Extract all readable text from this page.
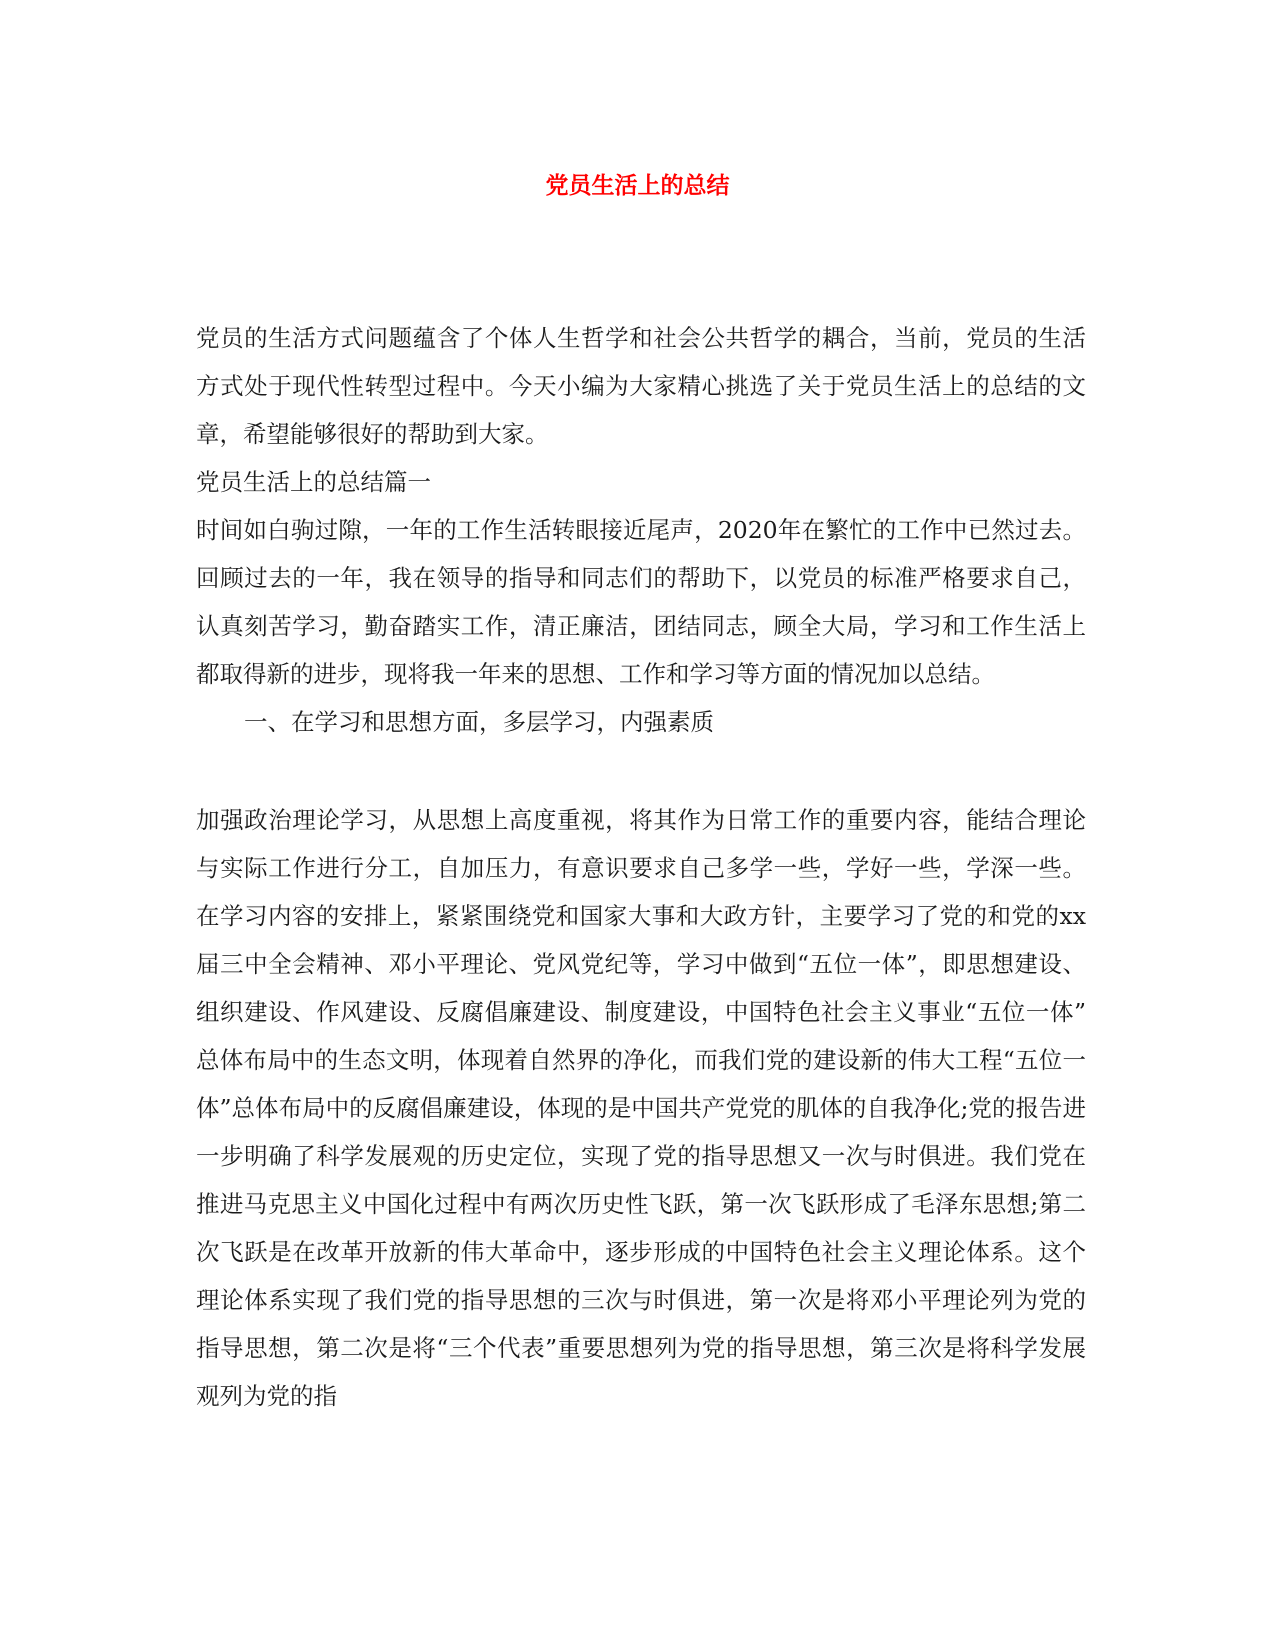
党员生活上的总结

党员的生活方式问题蕴含了个体人生哲学和社会公共哲学的耦合，当前，党员的生活方式处于现代性转型过程中。今天小编为大家精心挑选了关于党员生活上的总结的文章，希望能够很好的帮助到大家。

党员生活上的总结篇一

时间如白驹过隙，一年的工作生活转眼接近尾声，2020年在繁忙的工作中已然过去。回顾过去的一年，我在领导的指导和同志们的帮助下，以党员的标准严格要求自己，认真刻苦学习，勤奋踏实工作，清正廉洁，团结同志，顾全大局，学习和工作生活上都取得新的进步，现将我一年来的思想、工作和学习等方面的情况加以总结。

一、在学习和思想方面，多层学习，内强素质

加强政治理论学习，从思想上高度重视，将其作为日常工作的重要内容，能结合理论与实际工作进行分工，自加压力，有意识要求自己多学一些，学好一些，学深一些。在学习内容的安排上，紧紧围绕党和国家大事和大政方针，主要学习了党的和党的xx届三中全会精神、邓小平理论、党风党纪等，学习中做到“五位一体”，即思想建设、组织建设、作风建设、反腐倡廉建设、制度建设，中国特色社会主义事业“五位一体”总体布局中的生态文明，体现着自然界的净化，而我们党的建设新的伟大工程“五位一体”总体布局中的反腐倡廉建设，体现的是中国共产党党的肌体的自我净化;党的报告进一步明确了科学发展观的历史定位，实现了党的指导思想又一次与时俱进。我们党在推进马克思主义中国化过程中有两次历史性飞跃，第一次飞跃形成了毛泽东思想;第二次飞跃是在改革开放新的伟大革命中，逐步形成的中国特色社会主义理论体系。这个理论体系实现了我们党的指导思想的三次与时俱进，第一次是将邓小平理论列为党的指导思想，第二次是将“三个代表”重要思想列为党的指导思想，第三次是将科学发展观列为党的指
